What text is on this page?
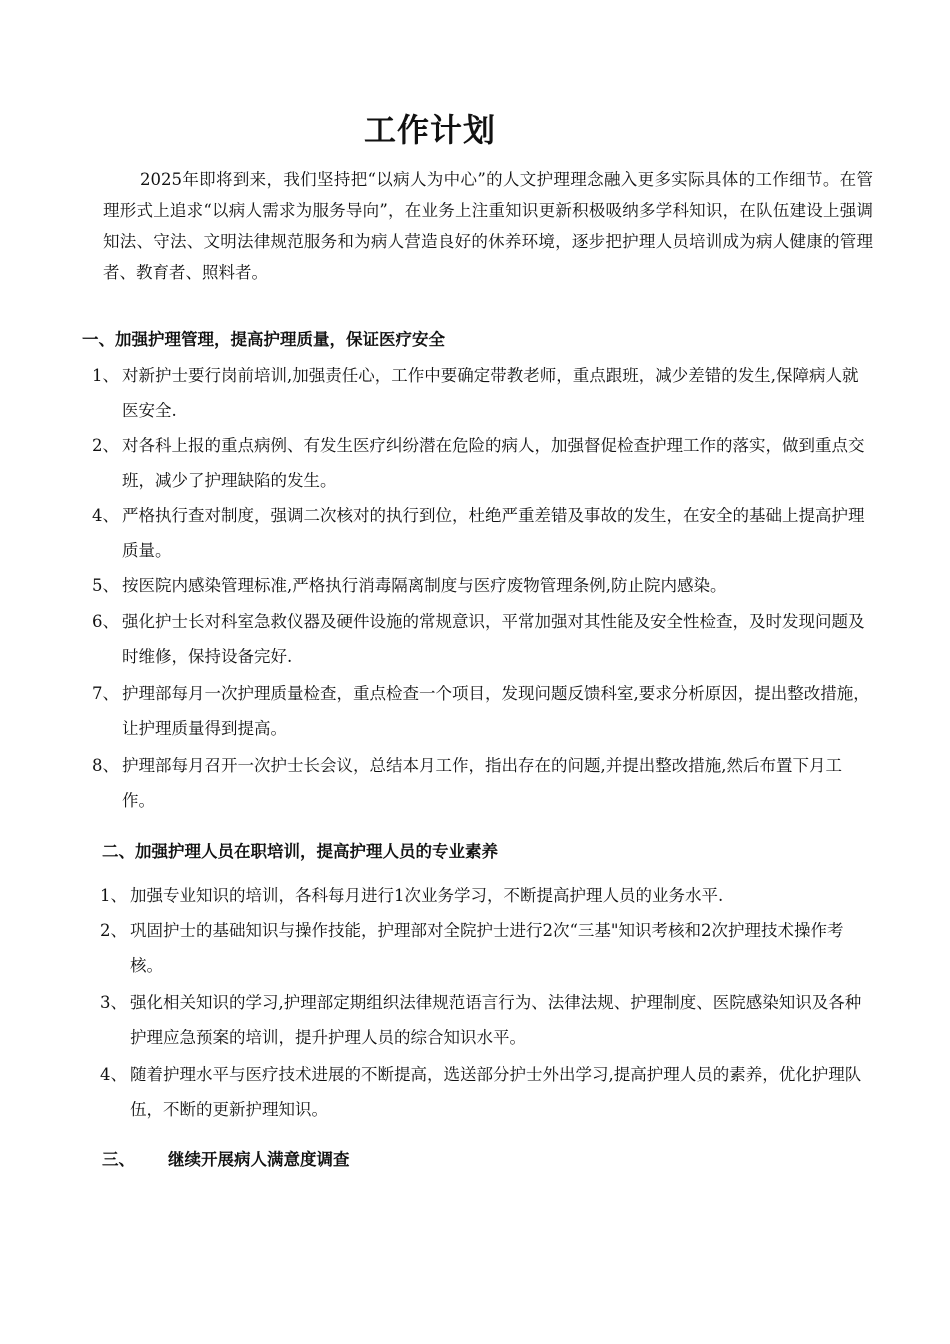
工作计划

2025年即将到来，我们坚持把“以病人为中心”的人文护理理念融入更多实际具体的工作细节。在管理形式上追求“以病人需求为服务导向”，在业务上注重知识更新积极吸纳多学科知识，在队伍建设上强调知法、守法、文明法律规范服务和为病人营造良好的休养环境，逐步把护理人员培训成为病人健康的管理者、教育者、照料者。

一、加强护理管理，提高护理质量，保证医疗安全
1、 对新护士要行岗前培训,加强责任心，工作中要确定带教老师，重点跟班，减少差错的发生,保障病人就医安全.
2、 对各科上报的重点病例、有发生医疗纠纷潜在危险的病人，加强督促检查护理工作的落实，做到重点交班，减少了护理缺陷的发生。
4、 严格执行查对制度，强调二次核对的执行到位，杜绝严重差错及事故的发生，在安全的基础上提高护理质量。
5、 按医院内感染管理标准,严格执行消毒隔离制度与医疗废物管理条例,防止院内感染。
6、 强化护士长对科室急救仪器及硬件设施的常规意识，平常加强对其性能及安全性检查，及时发现问题及时维修，保持设备完好.
7、 护理部每月一次护理质量检查，重点检查一个项目，发现问题反馈科室,要求分析原因，提出整改措施，让护理质量得到提高。
8、 护理部每月召开一次护士长会议，总结本月工作，指出存在的问题,并提出整改措施,然后布置下月工作。
二、加强护理人员在职培训，提高护理人员的专业素养
1、 加强专业知识的培训，各科每月进行1次业务学习，不断提高护理人员的业务水平.
2、 巩固护士的基础知识与操作技能，护理部对全院护士进行2次“三基"知识考核和2次护理技术操作考核。
3、 强化相关知识的学习,护理部定期组织法律规范语言行为、法律法规、护理制度、医院感染知识及各种护理应急预案的培训，提升护理人员的综合知识水平。
4、 随着护理水平与医疗技术进展的不断提高，选送部分护士外出学习,提高护理人员的素养，优化护理队伍，不断的更新护理知识。
三、 继续开展病人满意度调查
